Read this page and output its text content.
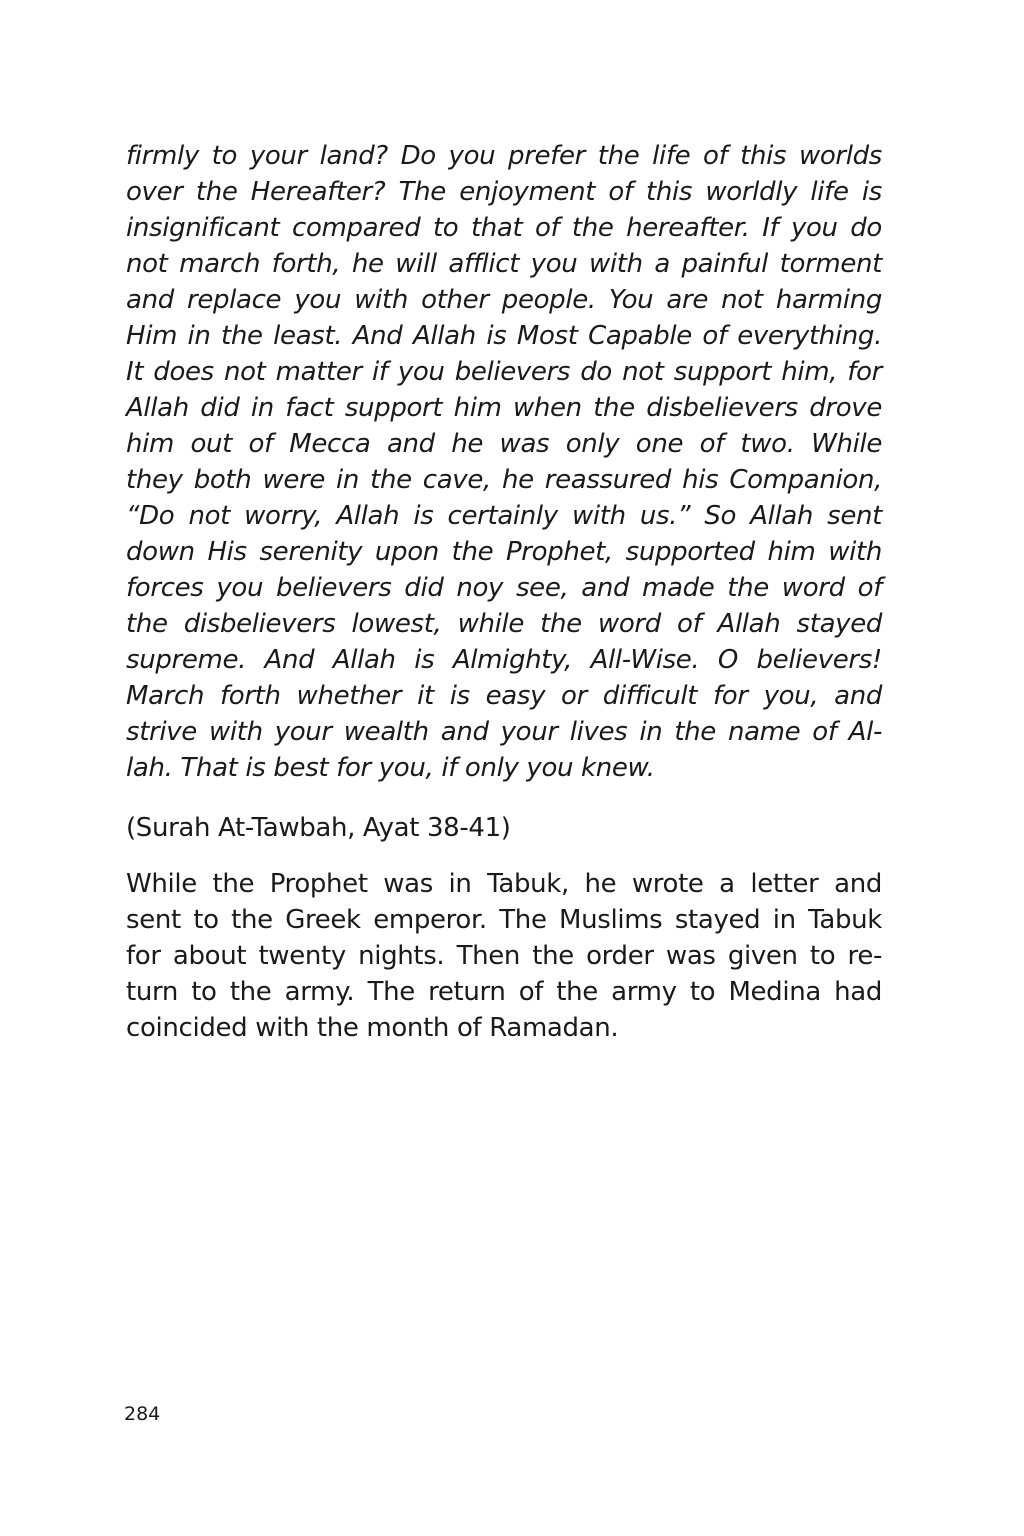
firmly to your land? Do you prefer the life of this worlds
over the Hereafter? The enjoyment of this worldly life is
insignificant compared to that of the hereafter. If you do
not march forth, he will afflict you with a painful torment
and replace you with other people. You are not harming
Him in the least. And Allah is Most Capable of everything.
It does not matter if you believers do not support him, for
Allah did in fact support him when the disbelievers drove
him out of Mecca and he was only one of two. While
they both were in the cave, he reassured his Companion,
“Do not worry, Allah is certainly with us.” So Allah sent
down His serenity upon the Prophet, supported him with
forces you believers did noy see, and made the word of
the disbelievers lowest, while the word of Allah stayed
supreme. And Allah is Almighty, All-Wise. O believers!
March forth whether it is easy or difficult for you, and
strive with your wealth and your lives in the name of Al-
lah. That is best for you, if only you knew.
(Surah At-Tawbah, Ayat 38-41)
While the Prophet was in Tabuk, he wrote a letter and
sent to the Greek emperor. The Muslims stayed in Tabuk
for about twenty nights. Then the order was given to re-
turn to the army. The return of the army to Medina had
coincided with the month of Ramadan.
284
